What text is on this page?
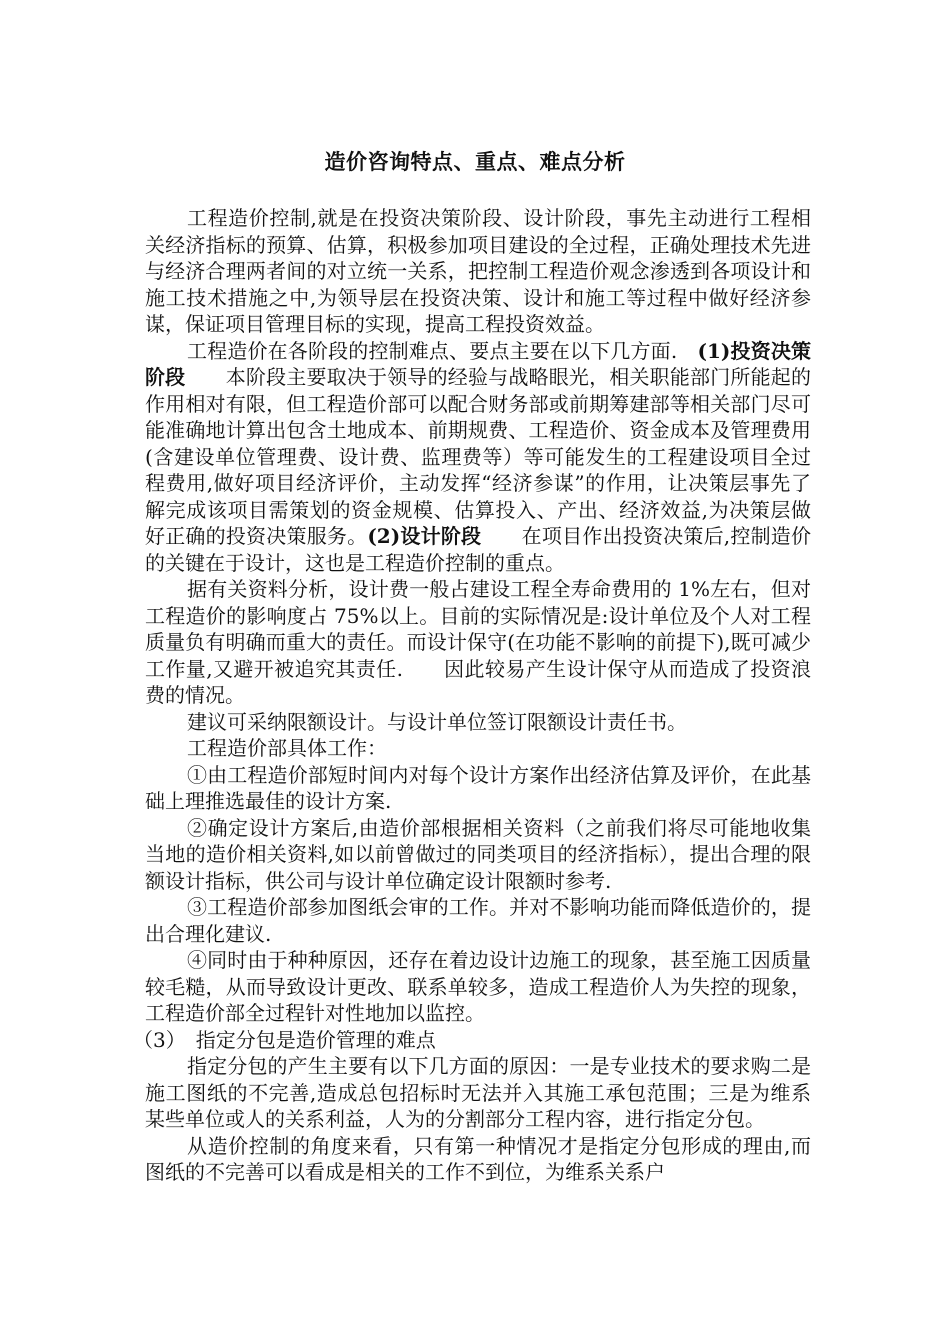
造价咨询特点、重点、难点分析

工程造价控制,就是在投资决策阶段、设计阶段，事先主动进行工程相关经济指标的预算、估算，积极参加项目建设的全过程，正确处理技术先进与经济合理两者间的对立统一关系，把控制工程造价观念渗透到各项设计和施工技术措施之中,为领导层在投资决策、设计和施工等过程中做好经济参谋，保证项目管理目标的实现，提高工程投资效益。

工程造价在各阶段的控制难点、要点主要在以下几方面.　(1)投资决策阶段　　本阶段主要取决于领导的经验与战略眼光，相关职能部门所能起的作用相对有限，但工程造价部可以配合财务部或前期筹建部等相关部门尽可能准确地计算出包含土地成本、前期规费、工程造价、资金成本及管理费用(含建设单位管理费、设计费、监理费等）等可能发生的工程建设项目全过程费用,做好项目经济评价，主动发挥“经济参谋”的作用，让决策层事先了解完成该项目需策划的资金规模、估算投入、产出、经济效益,为决策层做好正确的投资决策服务。(2)设计阶段　　在项目作出投资决策后,控制造价的关键在于设计，这也是工程造价控制的重点。

据有关资料分析，设计费一般占建设工程全寿命费用的 1%左右，但对工程造价的影响度占 75%以上。目前的实际情况是:设计单位及个人对工程质量负有明确而重大的责任。而设计保守(在功能不影响的前提下),既可减少工作量,又避开被追究其责任.　　因此较易产生设计保守从而造成了投资浪费的情况。

建议可采纳限额设计。与设计单位签订限额设计责任书。

工程造价部具体工作：

①由工程造价部短时间内对每个设计方案作出经济估算及评价，在此基础上理推选最佳的设计方案.

②确定设计方案后,由造价部根据相关资料（之前我们将尽可能地收集当地的造价相关资料,如以前曾做过的同类项目的经济指标），提出合理的限额设计指标，供公司与设计单位确定设计限额时参考.

③工程造价部参加图纸会审的工作。并对不影响功能而降低造价的，提出合理化建议.

④同时由于种种原因，还存在着边设计边施工的现象，甚至施工因质量较毛糙，从而导致设计更改、联系单较多，造成工程造价人为失控的现象，工程造价部全过程针对性地加以监控。

（3）　指定分包是造价管理的难点

指定分包的产生主要有以下几方面的原因：一是专业技术的要求购二是施工图纸的不完善,造成总包招标时无法并入其施工承包范围；三是为维系某些单位或人的关系利益，人为的分割部分工程内容，进行指定分包。

从造价控制的角度来看，只有第一种情况才是指定分包形成的理由,而图纸的不完善可以看成是相关的工作不到位，为维系关系户
